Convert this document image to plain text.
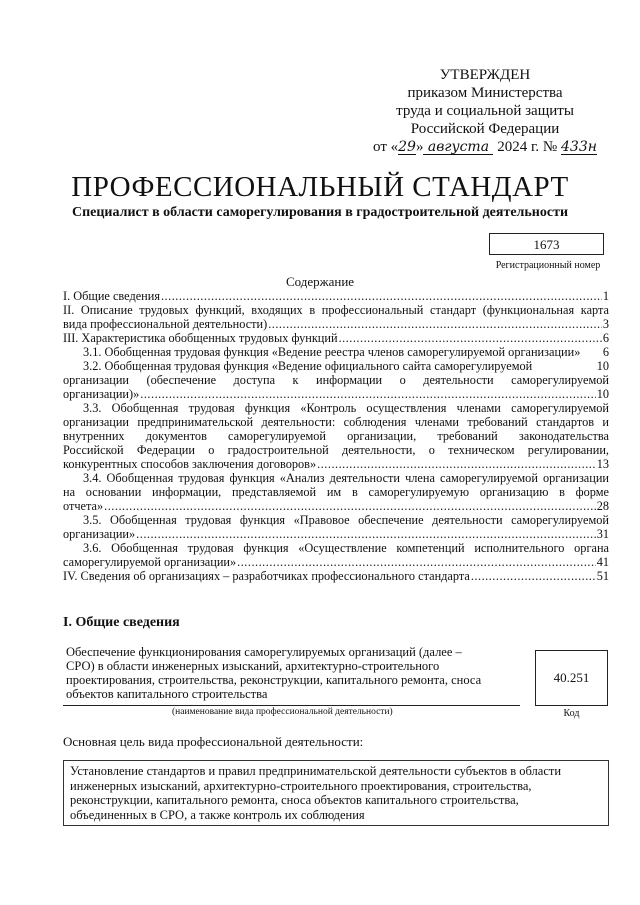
УТВЕРЖДЕН
приказом Министерства
труда и социальной защиты
Российской Федерации
от «29» августа 2024 г. № 433н
ПРОФЕССИОНАЛЬНЫЙ СТАНДАРТ
Специалист в области саморегулирования в градостроительной деятельности
1673
Регистрационный номер
Содержание
I. Общие сведения .....	1
II. Описание трудовых функций, входящих в профессиональный стандарт (функциональная карта
вида профессиональной деятельности) .....	3
III. Характеристика обобщенных трудовых функций .....	6
3.1. Обобщенная трудовая функция «Ведение реестра членов саморегулируемой организации»	6
3.2. Обобщенная трудовая функция «Ведение официального сайта саморегулируемой	10
организации (обеспечение доступа к информации о деятельности саморегулируемой
организации)» .....	10
3.3. Обобщенная трудовая функция «Контроль осуществления членами саморегулируемой
организации предпринимательской деятельности: соблюдения членами требований стандартов и
внутренних документов саморегулируемой организации, требований законодательства
Российской Федерации о градостроительной деятельности, о техническом регулировании,
конкурентных способов заключения договоров» .....	13
3.4. Обобщенная трудовая функция «Анализ деятельности члена саморегулируемой организации
на основании информации, представляемой им в саморегулируемую организацию в форме
отчета» .....	28
3.5. Обобщенная трудовая функция «Правовое обеспечение деятельности саморегулируемой
организации» .....	31
3.6. Обобщенная трудовая функция «Осуществление компетенций исполнительного органа
саморегулируемой организации» .....	41
IV. Сведения об организациях – разработчиках профессионального стандарта .....	51
I. Общие сведения
Обеспечение функционирования саморегулируемых организаций (далее –
СРО) в области инженерных изысканий, архитектурно-строительного
проектирования, строительства, реконструкции, капитального ремонта, сноса
объектов капитального строительства
(наименование вида профессиональной деятельности)
40.251
Код
Основная цель вида профессиональной деятельности:
Установление стандартов и правил предпринимательской деятельности субъектов в области
инженерных изысканий, архитектурно-строительного проектирования, строительства,
реконструкции, капитального ремонта, сноса объектов капитального строительства,
объединенных в СРО, а также контроль их соблюдения
